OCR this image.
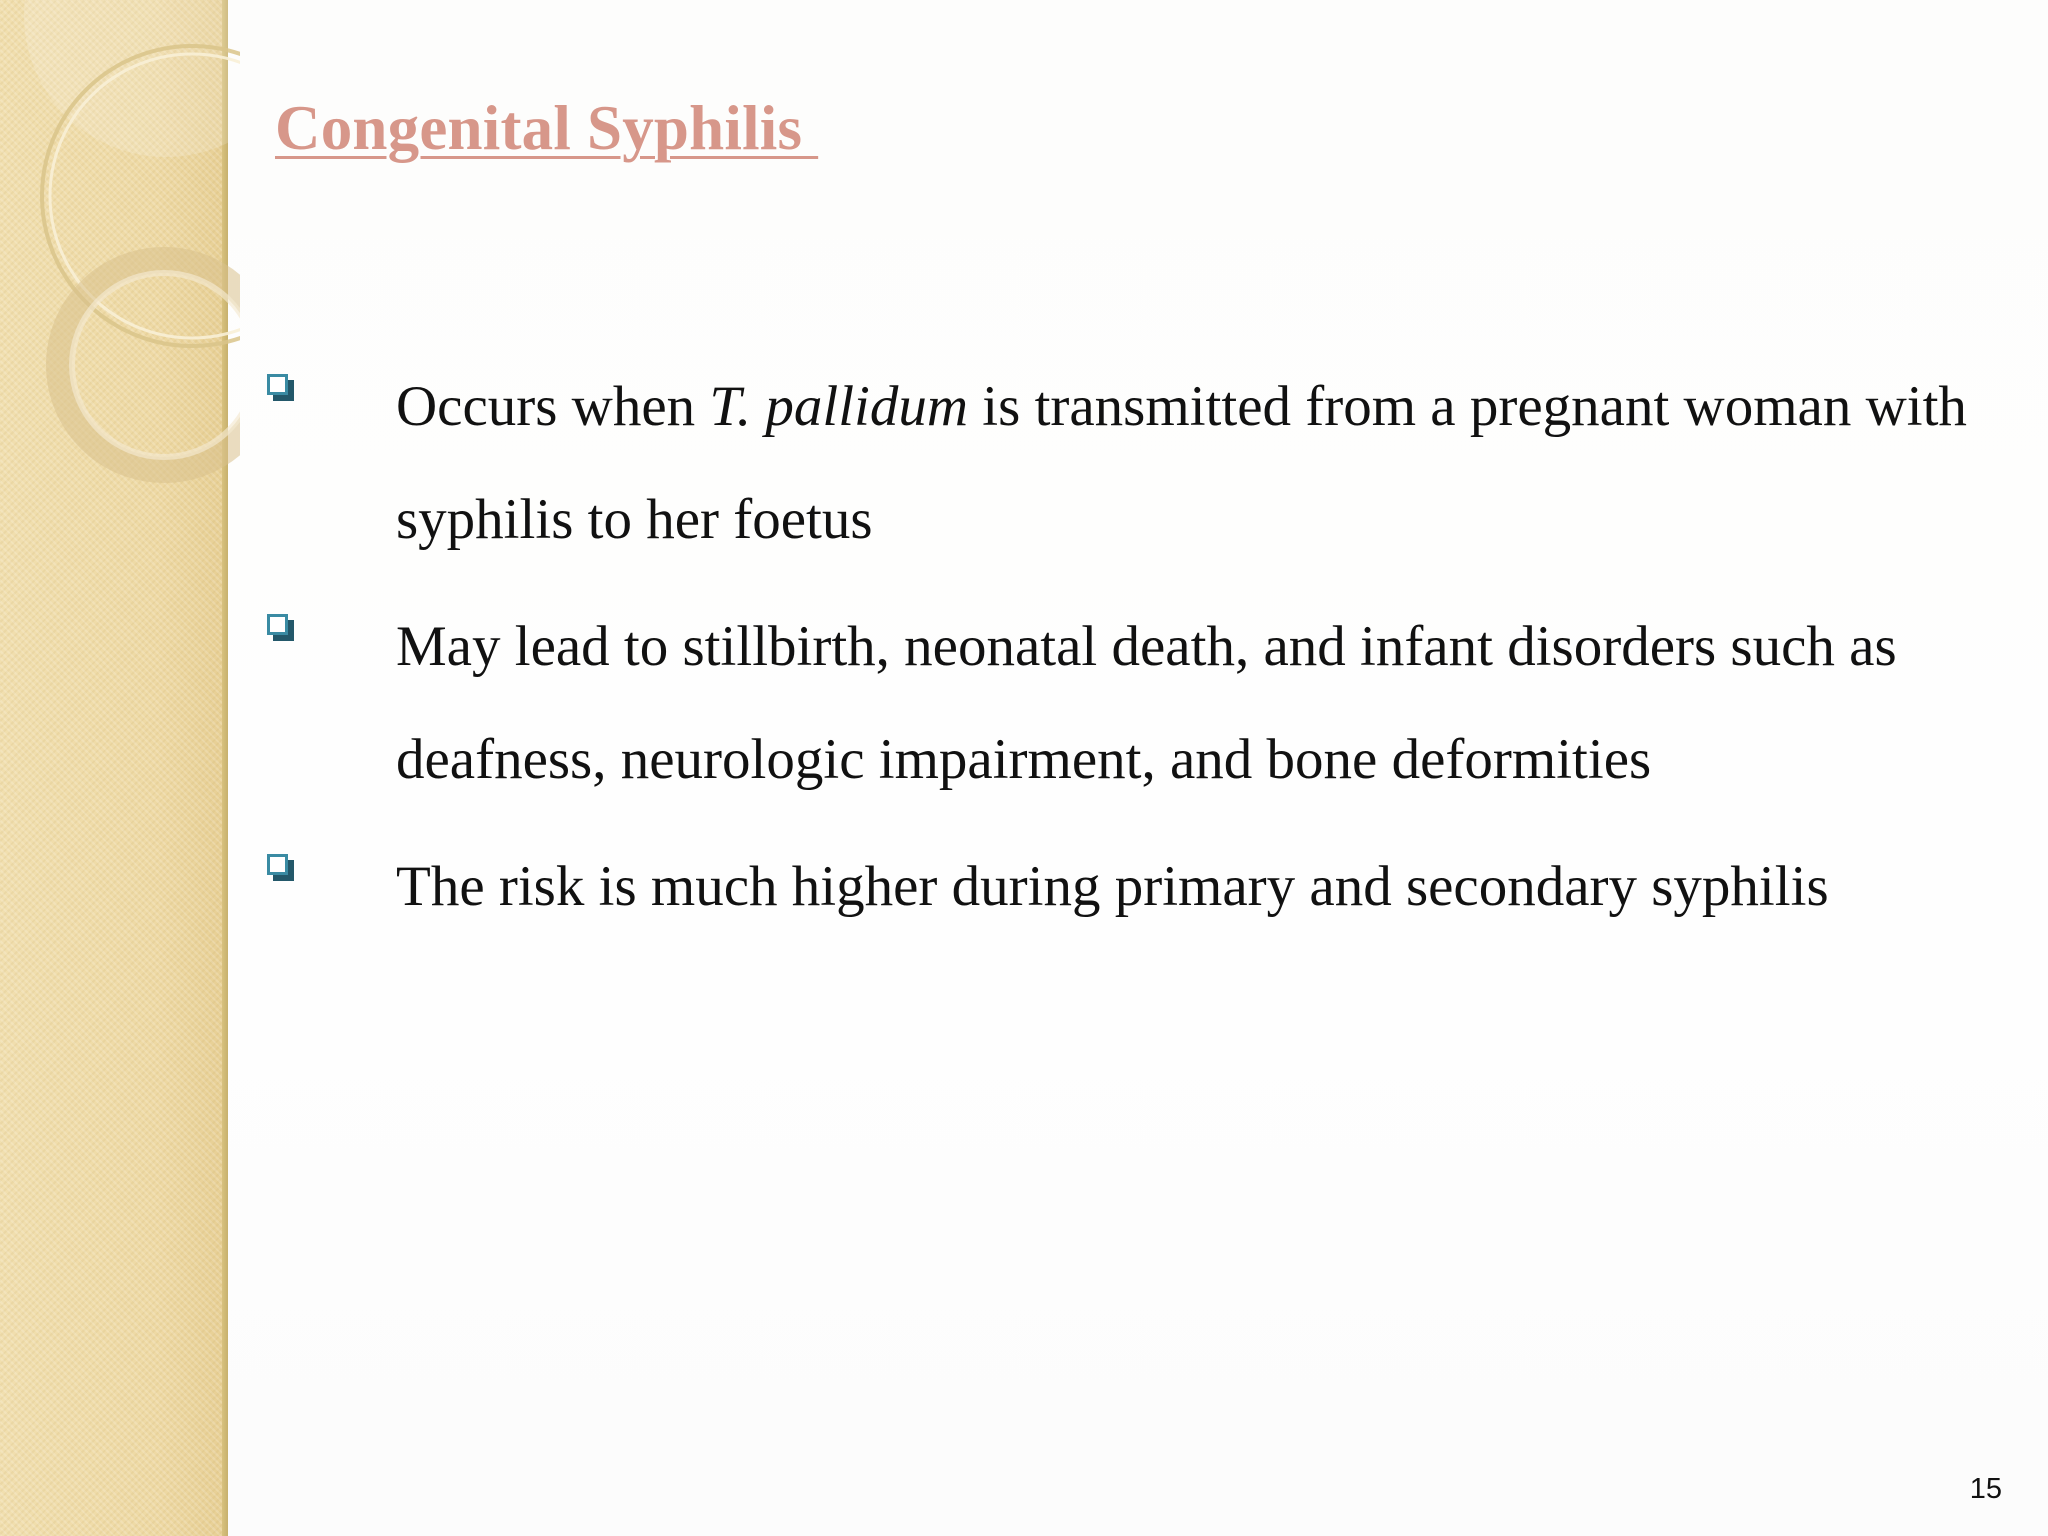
Congenital Syphilis
Occurs when T. pallidum is transmitted from a pregnant woman with syphilis to her foetus
May lead to stillbirth, neonatal death, and infant disorders such as deafness, neurologic impairment, and bone deformities
The risk is much higher during primary and secondary syphilis
15
